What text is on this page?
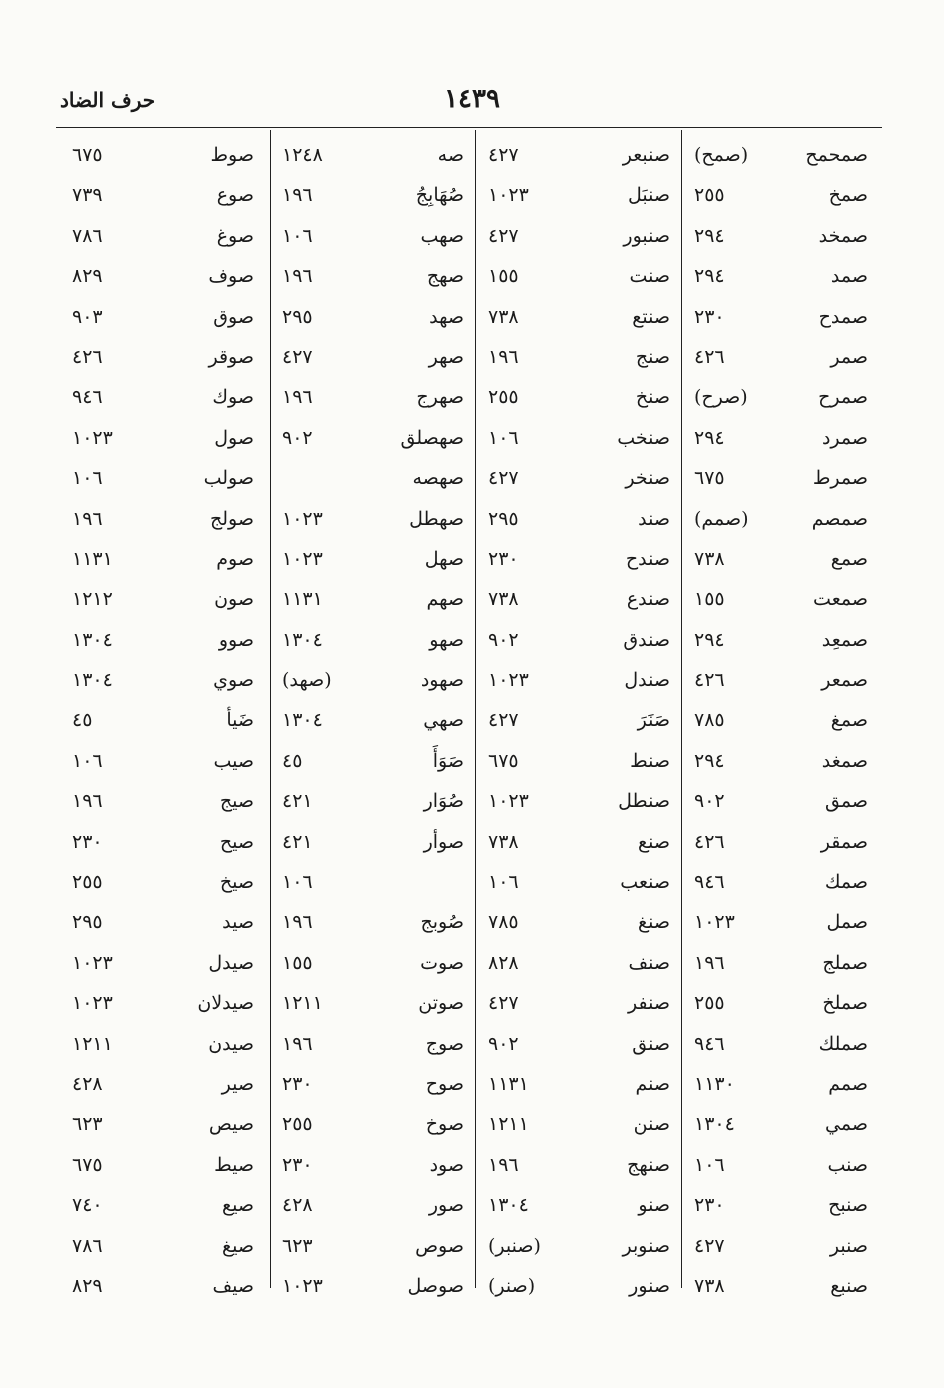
١٤٣٩
حرف الضاد
صمحمح
(صمح)
صمخ
٢٥٥
صمخد
٢٩٤
صمد
٢٩٤
صمدح
٢٣٠
صمر
٤٢٦
صمرح
(صرح)
صمرد
٢٩٤
صمرط
٦٧٥
صمصم
(صمم)
صمع
٧٣٨
صمعت
١٥٥
صمعِد
٢٩٤
صمعر
٤٢٦
صمغ
٧٨٥
صمغد
٢٩٤
صمق
٩٠٢
صمقر
٤٢٦
صمك
٩٤٦
صمل
١٠٢٣
صملج
١٩٦
صملخ
٢٥٥
صملك
٩٤٦
صمم
١١٣٠
صمي
١٣٠٤
صنب
١٠٦
صنبح
٢٣٠
صنبر
٤٢٧
صنبع
٧٣٨
صنبعر
٤٢٧
صنبَل
١٠٢٣
صنبور
٤٢٧
صنت
١٥٥
صنتع
٧٣٨
صنج
١٩٦
صنخ
٢٥٥
صنخب
١٠٦
صنخر
٤٢٧
صند
٢٩٥
صندح
٢٣٠
صندع
٧٣٨
صندق
٩٠٢
صندل
١٠٢٣
صَنَرَ
٤٢٧
صنط
٦٧٥
صنطل
١٠٢٣
صنع
٧٣٨
صنعب
١٠٦
صنغ
٧٨٥
صنف
٨٢٨
صنفر
٤٢٧
صنق
٩٠٢
صنم
١١٣١
صنن
١٢١١
صنهج
١٩٦
صنو
١٣٠٤
صنوبر
(صنبر)
صنور
(صنر)
صه
١٢٤٨
صُهَابِجُ
١٩٦
صهب
١٠٦
صهج
١٩٦
صهد
٢٩٥
صهر
٤٢٧
صهرج
١٩٦
صهصلق
٩٠٢
صهصه
صهطل
١٠٢٣
صهل
١٠٢٣
صهم
١١٣١
صهو
١٣٠٤
صهود
(صهد)
صهي
١٣٠٤
صَوَأَ
٤٥
صُوَار
٤٢١
صوأر
٤٢١
١٠٦
صُوبج
١٩٦
صوت
١٥٥
صوتن
١٢١١
صوج
١٩٦
صوح
٢٣٠
صوخ
٢٥٥
صود
٢٣٠
صور
٤٢٨
صوص
٦٢٣
صوصل
١٠٢٣
صوط
٦٧٥
صوع
٧٣٩
صوغ
٧٨٦
صوف
٨٢٩
صوق
٩٠٣
صوقر
٤٢٦
صوك
٩٤٦
صول
١٠٢٣
صولب
١٠٦
صولج
١٩٦
صوم
١١٣١
صون
١٢١٢
صوو
١٣٠٤
صوي
١٣٠٤
ضَيأ
٤٥
صيب
١٠٦
صيج
١٩٦
صيح
٢٣٠
صيخ
٢٥٥
صيد
٢٩٥
صيدل
١٠٢٣
صيدلان
١٠٢٣
صيدن
١٢١١
صير
٤٢٨
صيص
٦٢٣
صيط
٦٧٥
صيع
٧٤٠
صيغ
٧٨٦
صيف
٨٢٩
